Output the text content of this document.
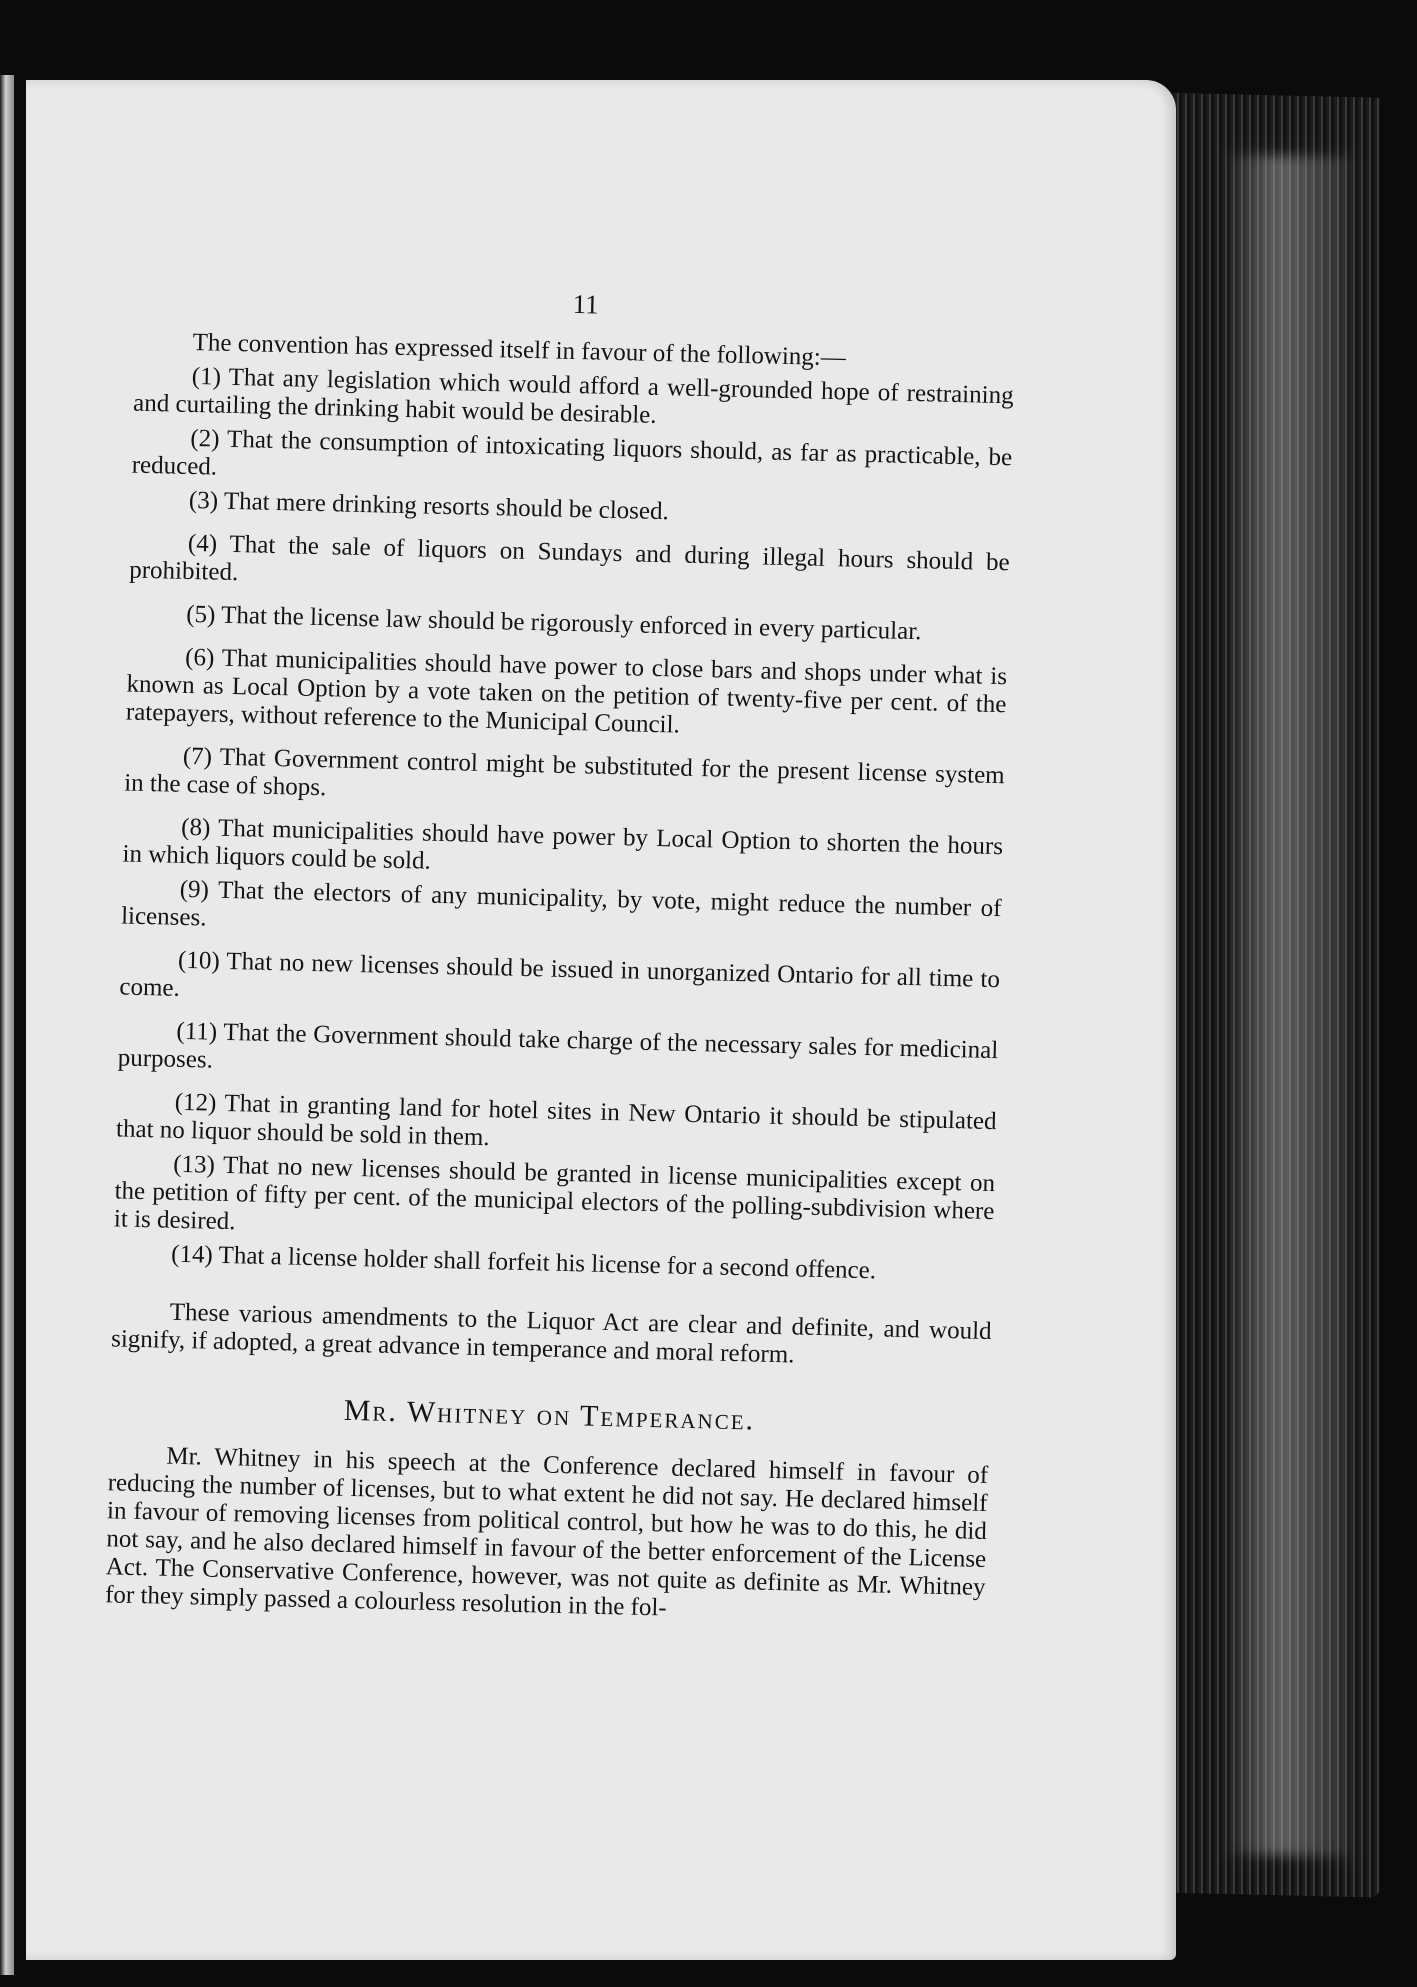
11

The convention has expressed itself in favour of the following:—

(1) That any legislation which would afford a well-grounded hope of restraining and curtailing the drinking habit would be desirable.

(2) That the consumption of intoxicating liquors should, as far as practicable, be reduced.

(3) That mere drinking resorts should be closed.

(4) That the sale of liquors on Sundays and during illegal hours should be prohibited.

(5) That the license law should be rigorously enforced in every particular.

(6) That municipalities should have power to close bars and shops under what is known as Local Option by a vote taken on the petition of twenty-five per cent. of the ratepayers, without reference to the Municipal Council.

(7) That Government control might be substituted for the present license system in the case of shops.

(8) That municipalities should have power by Local Option to shorten the hours in which liquors could be sold.

(9) That the electors of any municipality, by vote, might reduce the number of licenses.

(10) That no new licenses should be issued in unorganized Ontario for all time to come.

(11) That the Government should take charge of the necessary sales for medicinal purposes.

(12) That in granting land for hotel sites in New Ontario it should be stipulated that no liquor should be sold in them.

(13) That no new licenses should be granted in license municipalities except on the petition of fifty per cent. of the municipal electors of the polling-subdivision where it is desired.

(14) That a license holder shall forfeit his license for a second offence.

These various amendments to the Liquor Act are clear and definite, and would signify, if adopted, a great advance in temperance and moral reform.

Mr. Whitney on Temperance.

Mr. Whitney in his speech at the Conference declared himself in favour of reducing the number of licenses, but to what extent he did not say. He declared himself in favour of removing licenses from political control, but how he was to do this, he did not say, and he also declared himself in favour of the better enforcement of the License Act. The Conservative Conference, however, was not quite as definite as Mr. Whitney for they simply passed a colourless resolution in the fol-
